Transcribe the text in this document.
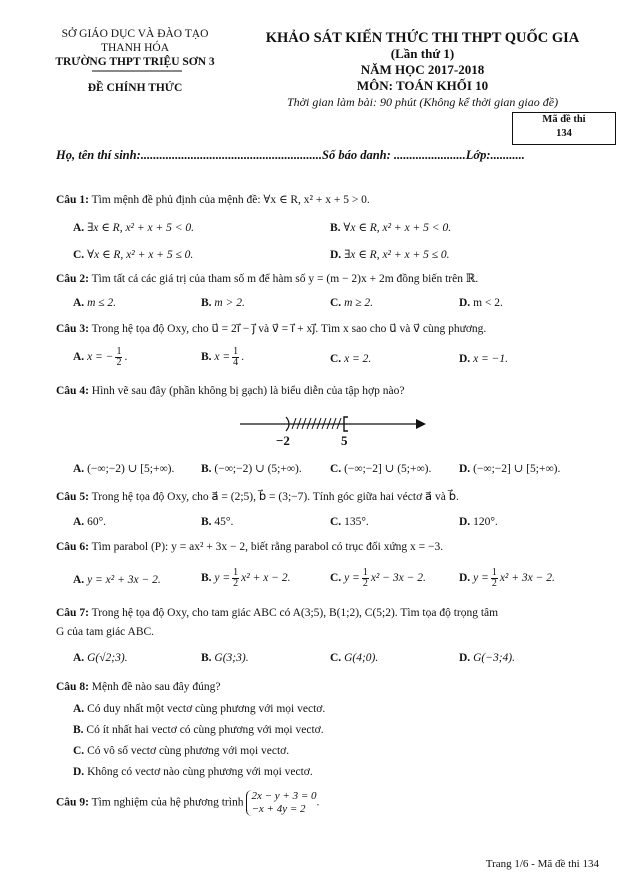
SỞ GIÁO DỤC VÀ ĐÀO TẠO
THANH HÓA
TRƯỜNG THPT TRIỆU SƠN 3
ĐỀ CHÍNH THỨC
KHẢO SÁT KIẾN THỨC THI THPT QUỐC GIA
(Lần thứ 1)
NĂM HỌC 2017-2018
MÔN: TOÁN KHỐI 10
Thời gian làm bài: 90 phút (Không kể thời gian giao đề)
Mã đề thi
134
Họ, tên thí sinh:..........................................................Số báo danh: .......................Lớp:...........
Câu 1: Tìm mệnh đề phủ định của mệnh đề: ∀x ∈ R, x² + x + 5 > 0.
A. ∃x ∈ R, x² + x + 5 < 0.	B. ∀x ∈ R, x² + x + 5 < 0.
C. ∀x ∈ R, x² + x + 5 ≤ 0.	D. ∃x ∈ R, x² + x + 5 ≤ 0.
Câu 2: Tìm tất cả các giá trị của tham số m để hàm số y = (m − 2)x + 2m đồng biến trên ℝ.
A. m ≤ 2.	B. m > 2.	C. m ≥ 2.	D. m < 2.
Câu 3: Trong hệ tọa độ Oxy, cho u⃗ = 2i⃗ − j⃗ và v⃗ = i⃗ + xj⃗. Tìm x sao cho u⃗ và v⃗ cùng phương.
A. x = − $\frac{1}{2}$ .	B. $x = \frac{1}{4}$ .	C. x = 2.	D. x = −1.
Câu 4: Hình vẽ sau đây (phần không bị gạch) là biểu diễn của tập hợp nào?
−2	5
A. (−∞;−2) ∪ [5;+∞). B. (−∞;−2) ∪ (5;+∞). C. (−∞;−2] ∪ (5;+∞). D. (−∞;−2] ∪ [5;+∞).
Câu 5: Trong hệ tọa độ Oxy, cho a⃗ = (2;5), b⃗ = (3;−7). Tính góc giữa hai véctơ a⃗ và b⃗.
A. 60°.	B. 45°.	C. 135°.	D. 120°.
Câu 6: Tìm parabol (P): y = ax² + 3x − 2, biết rằng parabol có trục đối xứng x = −3.
A. y = x² + 3x − 2.	B. $y = \frac{1}{2} x^2 + x - 2$.	C. $y = \frac{1}{2} x^2 - 3x - 2$.	D. $y = \frac{1}{2} x^2 + 3x - 2$.
Câu 7: Trong hệ tọa độ Oxy, cho tam giác ABC có A(3;5), B(1;2), C(5;2). Tìm tọa độ trọng tâm
G của tam giác ABC.
A. G(√2;3).	B. G(3;3).	C. G(4;0).	D. G(−3;4).
Câu 8: Mệnh đề nào sau đây đúng?
A. Có duy nhất một vectơ cùng phương với mọi vectơ.
B. Có ít nhất hai vectơ có cùng phương với mọi vectơ.
C. Có vô số vectơ cùng phương với mọi vectơ.
D. Không có vectơ nào cùng phương với mọi vectơ.
Câu 9: Tìm nghiệm của hệ phương trình
2x − y + 3 = 0
−x + 4y = 2
.
Trang 1/6 - Mã đề thi 134
